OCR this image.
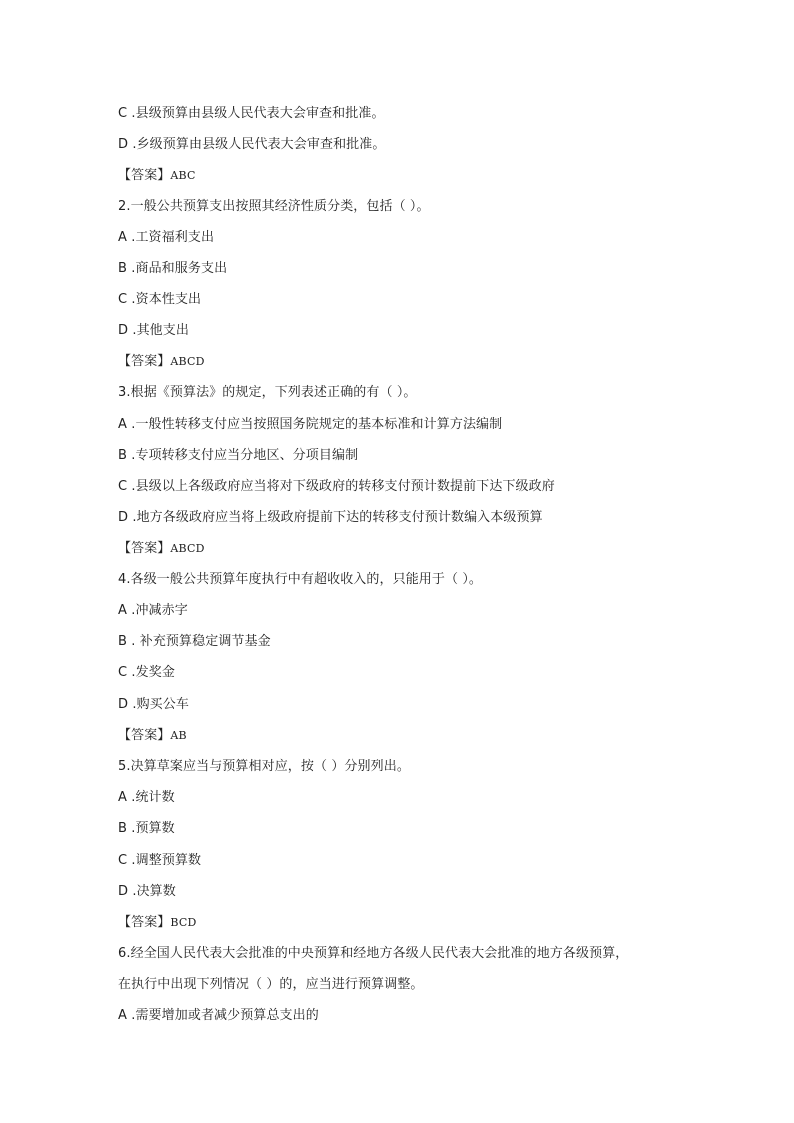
C .县级预算由县级人民代表大会审查和批准。
D .乡级预算由县级人民代表大会审查和批准。
【答案】ABC
2.一般公共预算支出按照其经济性质分类，包括（ ）。
A .工资福利支出
B .商品和服务支出
C .资本性支出
D .其他支出
【答案】ABCD
3.根据《预算法》的规定，下列表述正确的有（ ）。
A .一般性转移支付应当按照国务院规定的基本标准和计算方法编制
B .专项转移支付应当分地区、分项目编制
C .县级以上各级政府应当将对下级政府的转移支付预计数提前下达下级政府
D .地方各级政府应当将上级政府提前下达的转移支付预计数编入本级预算
【答案】ABCD
4.各级一般公共预算年度执行中有超收收入的，只能用于（ ）。
A .冲减赤字
B . 补充预算稳定调节基金
C .发奖金
D .购买公车
【答案】AB
5.决算草案应当与预算相对应，按（ ）分别列出。
A .统计数
B .预算数
C .调整预算数
D .决算数
【答案】BCD
6.经全国人民代表大会批准的中央预算和经地方各级人民代表大会批准的地方各级预算，
在执行中出现下列情况（ ）的，应当进行预算调整。
A .需要增加或者减少预算总支出的
